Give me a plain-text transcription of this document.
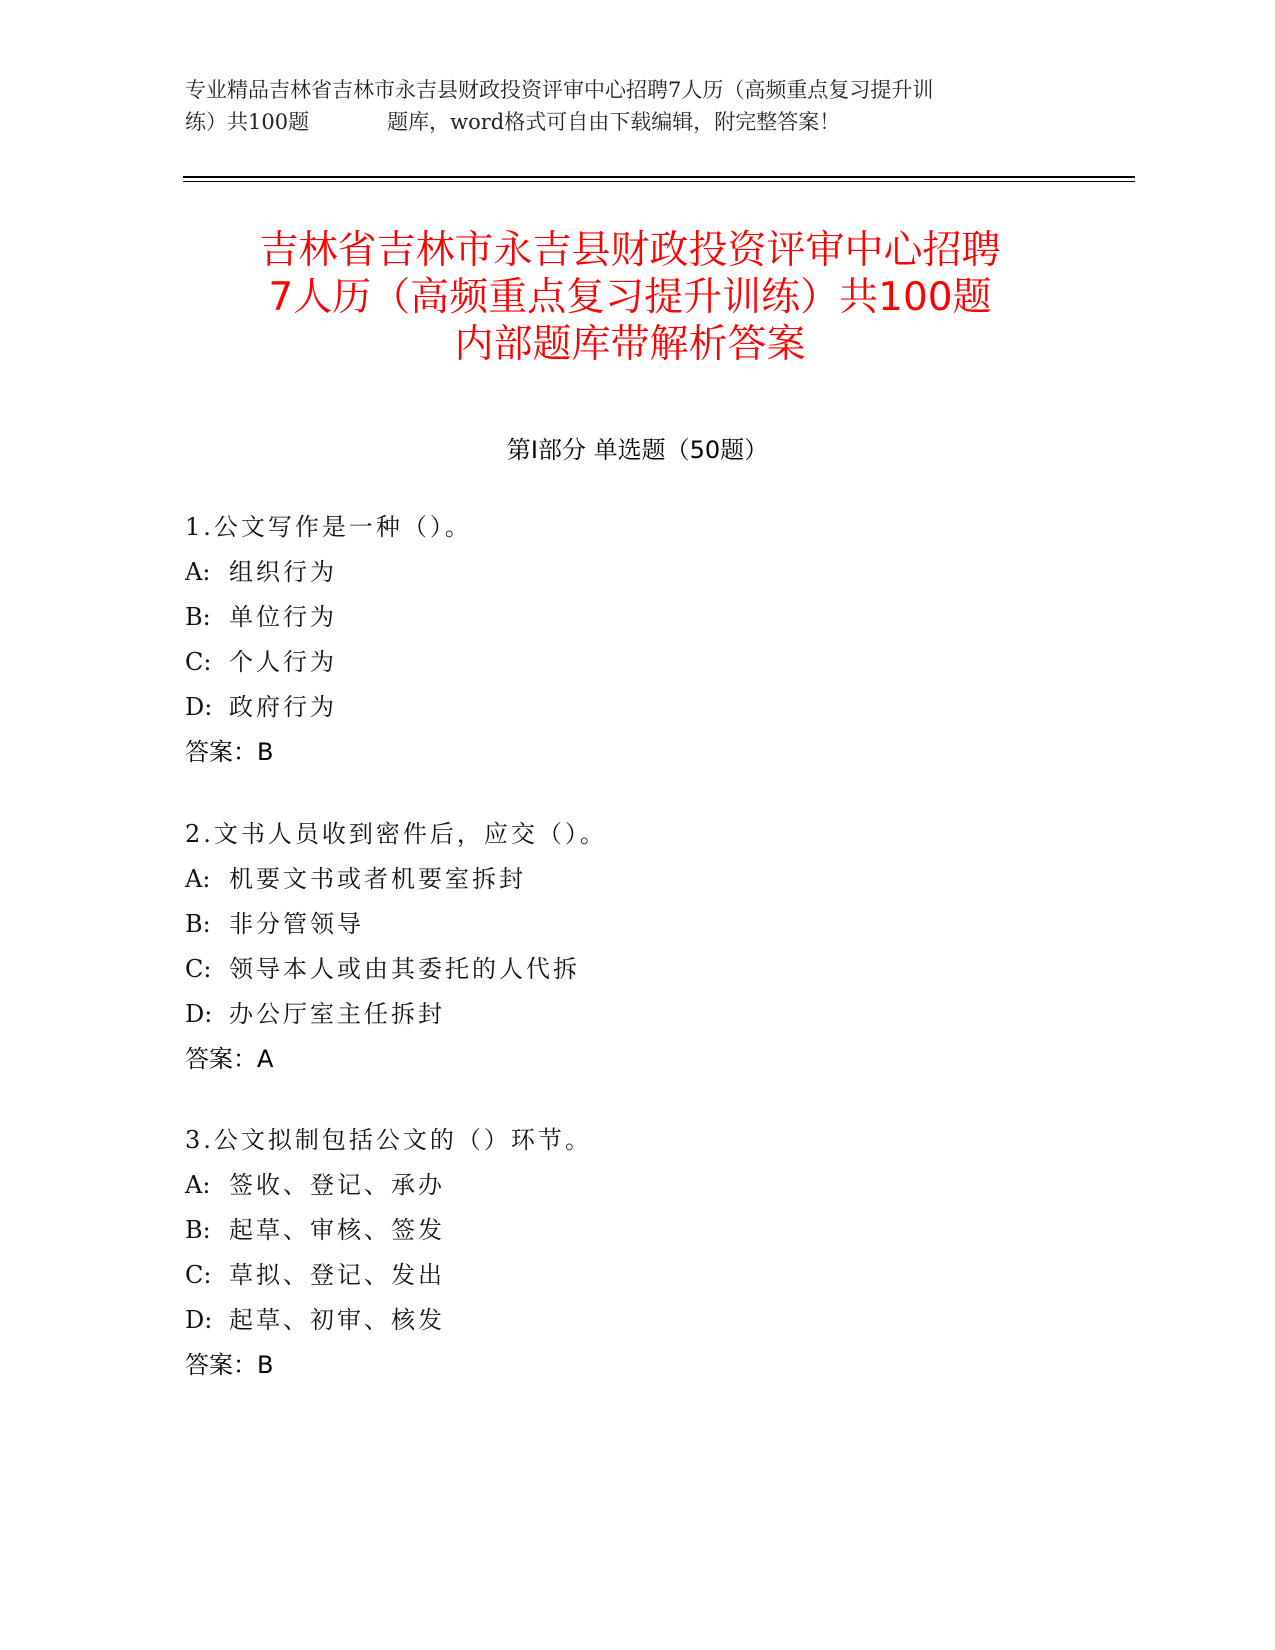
专业精品吉林省吉林市永吉县财政投资评审中心招聘7人历（高频重点复习提升训
练）共100题	题库，word格式可自由下载编辑，附完整答案！
吉林省吉林市永吉县财政投资评审中心招聘
7人历（高频重点复习提升训练）共100题
内部题库带解析答案
第Ⅰ部分 单选题（50题）
1.公文写作是一种（）。
A: 组织行为
B: 单位行为
C: 个人行为
D: 政府行为
答案：B
2.文书人员收到密件后，应交（）。
A: 机要文书或者机要室拆封
B: 非分管领导
C: 领导本人或由其委托的人代拆
D: 办公厅室主任拆封
答案：A
3.公文拟制包括公文的（）环节。
A: 签收、登记、承办
B: 起草、审核、签发
C: 草拟、登记、发出
D: 起草、初审、核发
答案：B
